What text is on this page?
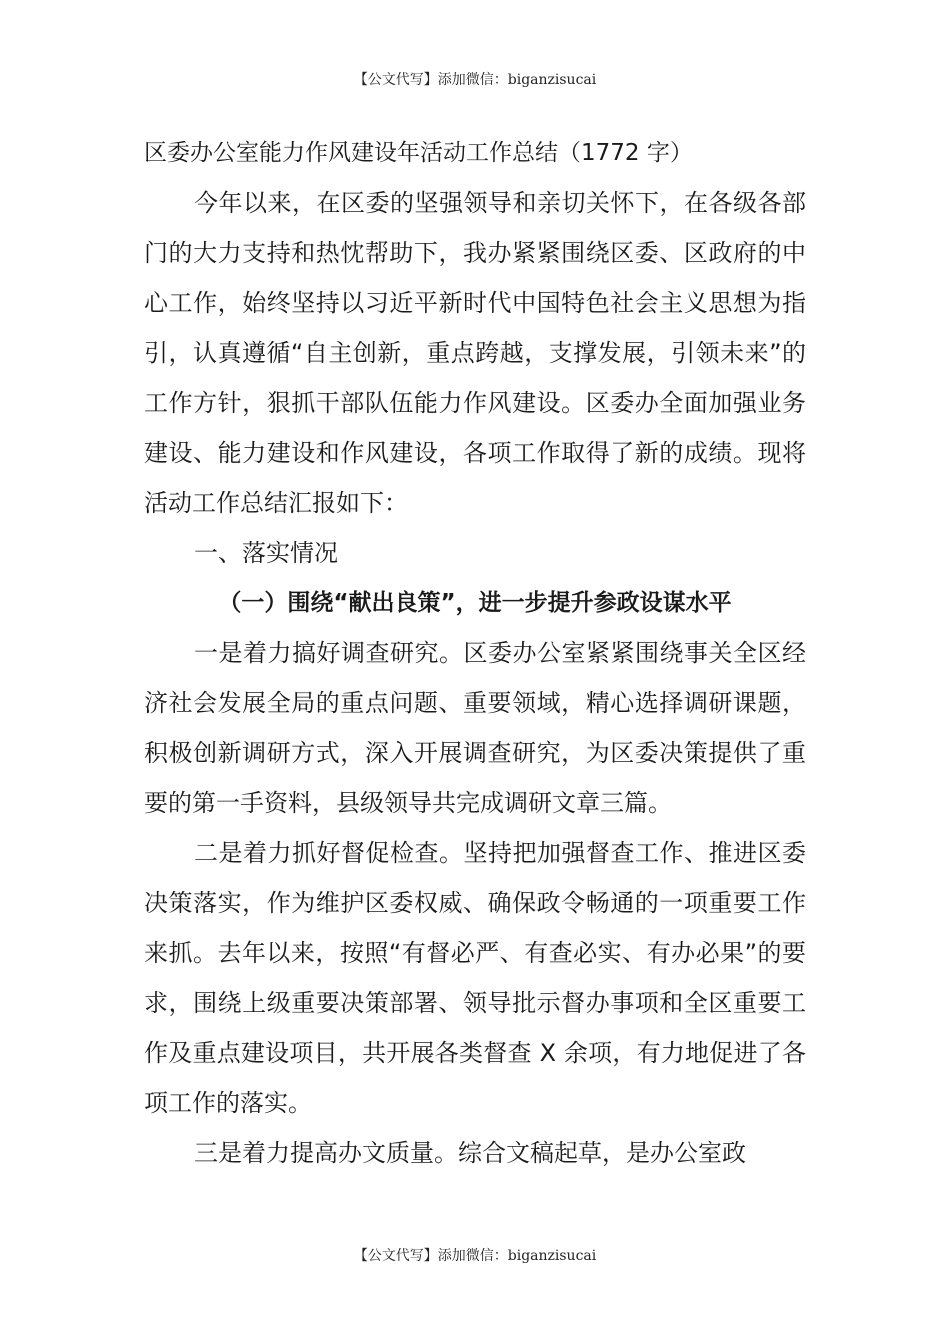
【公文代写】添加微信：biganzisucai
区委办公室能力作风建设年活动工作总结（1772 字）

今年以来，在区委的坚强领导和亲切关怀下，在各级各部门的大力支持和热忱帮助下，我办紧紧围绕区委、区政府的中心工作，始终坚持以习近平新时代中国特色社会主义思想为指引，认真遵循“自主创新，重点跨越，支撑发展，引领未来”的工作方针，狠抓干部队伍能力作风建设。区委办全面加强业务建设、能力建设和作风建设，各项工作取得了新的成绩。现将活动工作总结汇报如下：

一、落实情况
（一）围绕“献出良策”，进一步提升参政设谋水平

一是着力搞好调查研究。区委办公室紧紧围绕事关全区经济社会发展全局的重点问题、重要领域，精心选择调研课题，积极创新调研方式，深入开展调查研究，为区委决策提供了重要的第一手资料，县级领导共完成调研文章三篇。

二是着力抓好督促检查。坚持把加强督查工作、推进区委决策落实，作为维护区委权威、确保政令畅通的一项重要工作来抓。去年以来，按照“有督必严、有查必实、有办必果”的要求，围绕上级重要决策部署、领导批示督办事项和全区重要工作及重点建设项目，共开展各类督查 X 余项，有力地促进了各项工作的落实。

三是着力提高办文质量。综合文稿起草，是办公室政

【公文代写】添加微信：biganzisucai
